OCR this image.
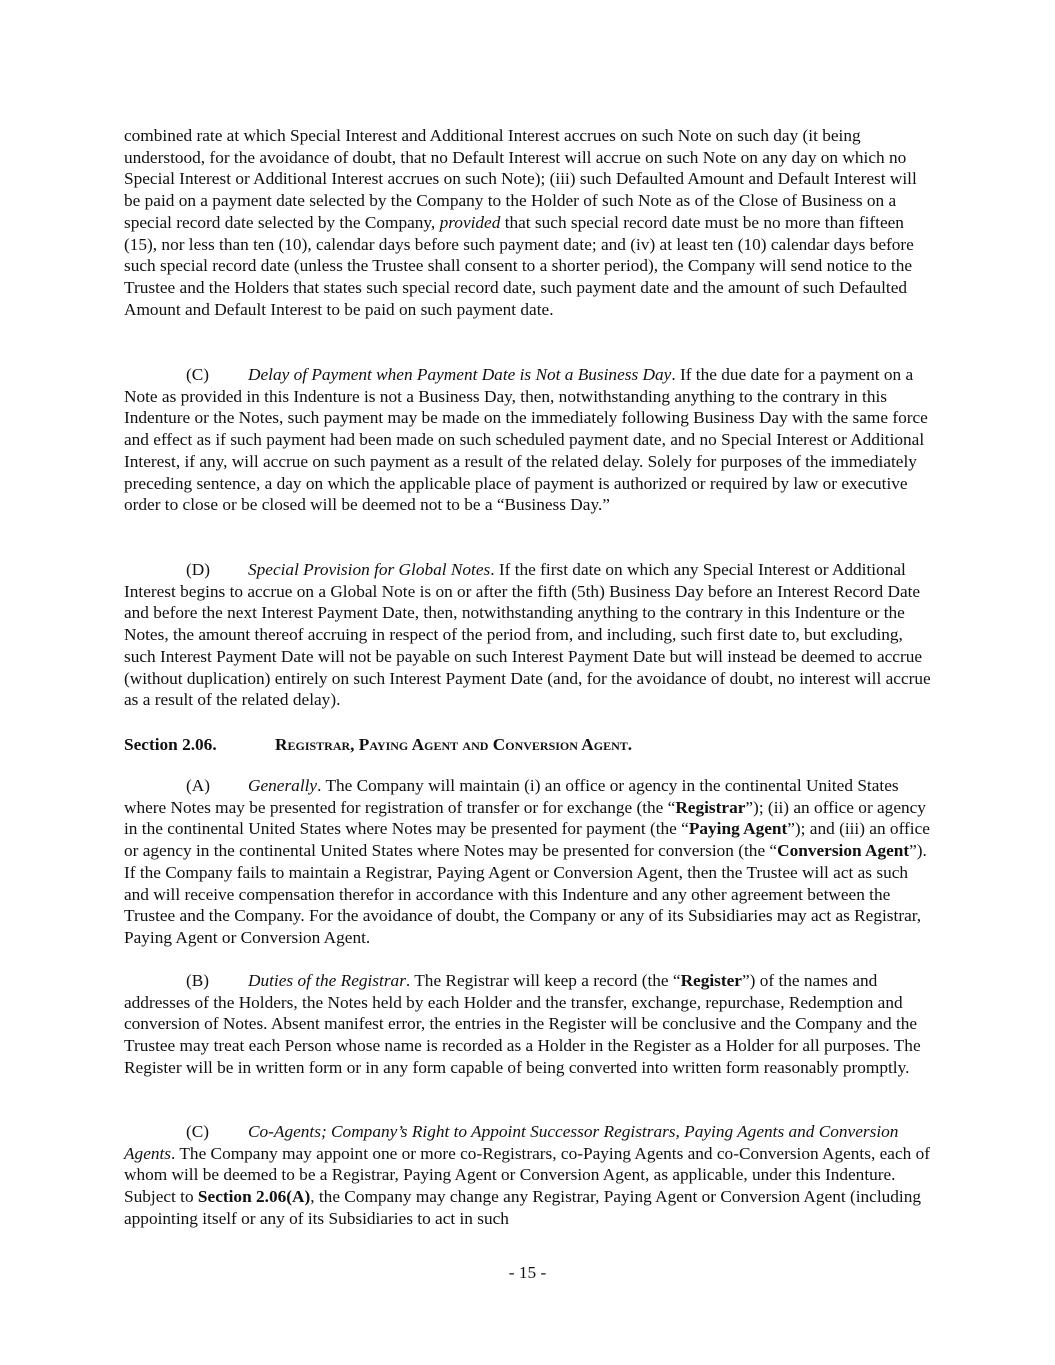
combined rate at which Special Interest and Additional Interest accrues on such Note on such day (it being understood, for the avoidance of doubt, that no Default Interest will accrue on such Note on any day on which no Special Interest or Additional Interest accrues on such Note); (iii) such Defaulted Amount and Default Interest will be paid on a payment date selected by the Company to the Holder of such Note as of the Close of Business on a special record date selected by the Company, provided that such special record date must be no more than fifteen (15), nor less than ten (10), calendar days before such payment date; and (iv) at least ten (10) calendar days before such special record date (unless the Trustee shall consent to a shorter period), the Company will send notice to the Trustee and the Holders that states such special record date, such payment date and the amount of such Defaulted Amount and Default Interest to be paid on such payment date.

(C) Delay of Payment when Payment Date is Not a Business Day. If the due date for a payment on a Note as provided in this Indenture is not a Business Day, then, notwithstanding anything to the contrary in this Indenture or the Notes, such payment may be made on the immediately following Business Day with the same force and effect as if such payment had been made on such scheduled payment date, and no Special Interest or Additional Interest, if any, will accrue on such payment as a result of the related delay. Solely for purposes of the immediately preceding sentence, a day on which the applicable place of payment is authorized or required by law or executive order to close or be closed will be deemed not to be a “Business Day.”

(D) Special Provision for Global Notes. If the first date on which any Special Interest or Additional Interest begins to accrue on a Global Note is on or after the fifth (5th) Business Day before an Interest Record Date and before the next Interest Payment Date, then, notwithstanding anything to the contrary in this Indenture or the Notes, the amount thereof accruing in respect of the period from, and including, such first date to, but excluding, such Interest Payment Date will not be payable on such Interest Payment Date but will instead be deemed to accrue (without duplication) entirely on such Interest Payment Date (and, for the avoidance of doubt, no interest will accrue as a result of the related delay).

Section 2.06.	Registrar, Paying Agent and Conversion Agent.

(A) Generally. The Company will maintain (i) an office or agency in the continental United States where Notes may be presented for registration of transfer or for exchange (the “Registrar”); (ii) an office or agency in the continental United States where Notes may be presented for payment (the “Paying Agent”); and (iii) an office or agency in the continental United States where Notes may be presented for conversion (the “Conversion Agent”). If the Company fails to maintain a Registrar, Paying Agent or Conversion Agent, then the Trustee will act as such and will receive compensation therefor in accordance with this Indenture and any other agreement between the Trustee and the Company. For the avoidance of doubt, the Company or any of its Subsidiaries may act as Registrar, Paying Agent or Conversion Agent.

(B) Duties of the Registrar. The Registrar will keep a record (the “Register”) of the names and addresses of the Holders, the Notes held by each Holder and the transfer, exchange, repurchase, Redemption and conversion of Notes. Absent manifest error, the entries in the Register will be conclusive and the Company and the Trustee may treat each Person whose name is recorded as a Holder in the Register as a Holder for all purposes. The Register will be in written form or in any form capable of being converted into written form reasonably promptly.

(C) Co-Agents; Company’s Right to Appoint Successor Registrars, Paying Agents and Conversion Agents. The Company may appoint one or more co-Registrars, co-Paying Agents and co-Conversion Agents, each of whom will be deemed to be a Registrar, Paying Agent or Conversion Agent, as applicable, under this Indenture. Subject to Section 2.06(A), the Company may change any Registrar, Paying Agent or Conversion Agent (including appointing itself or any of its Subsidiaries to act in such

- 15 -
